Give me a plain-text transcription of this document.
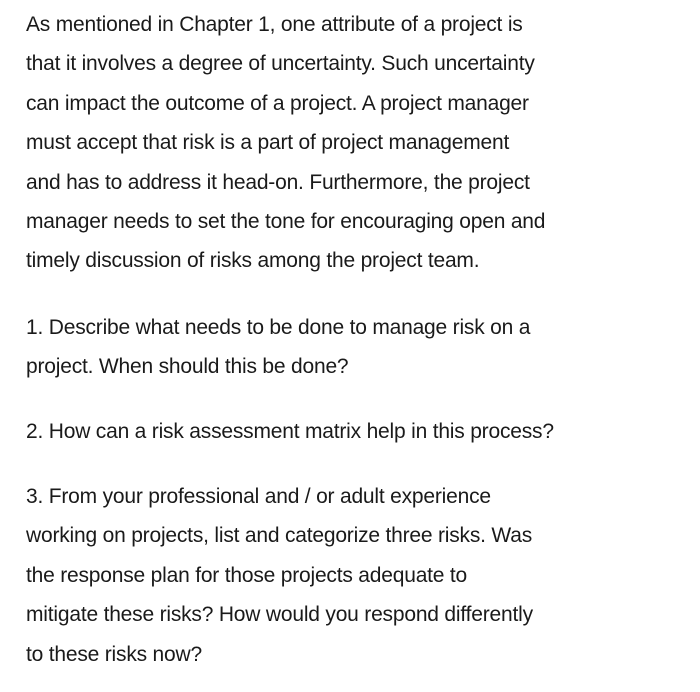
As mentioned in Chapter 1, one attribute of a project is
that it involves a degree of uncertainty. Such uncertainty
can impact the outcome of a project. A project manager
must accept that risk is a part of project management
and has to address it head-on. Furthermore, the project
manager needs to set the tone for encouraging open and
timely discussion of risks among the project team.

1. Describe what needs to be done to manage risk on a
project. When should this be done?

2. How can a risk assessment matrix help in this process?

3. From your professional and / or adult experience
working on projects, list and categorize three risks. Was
the response plan for those projects adequate to
mitigate these risks? How would you respond differently
to these risks now?
